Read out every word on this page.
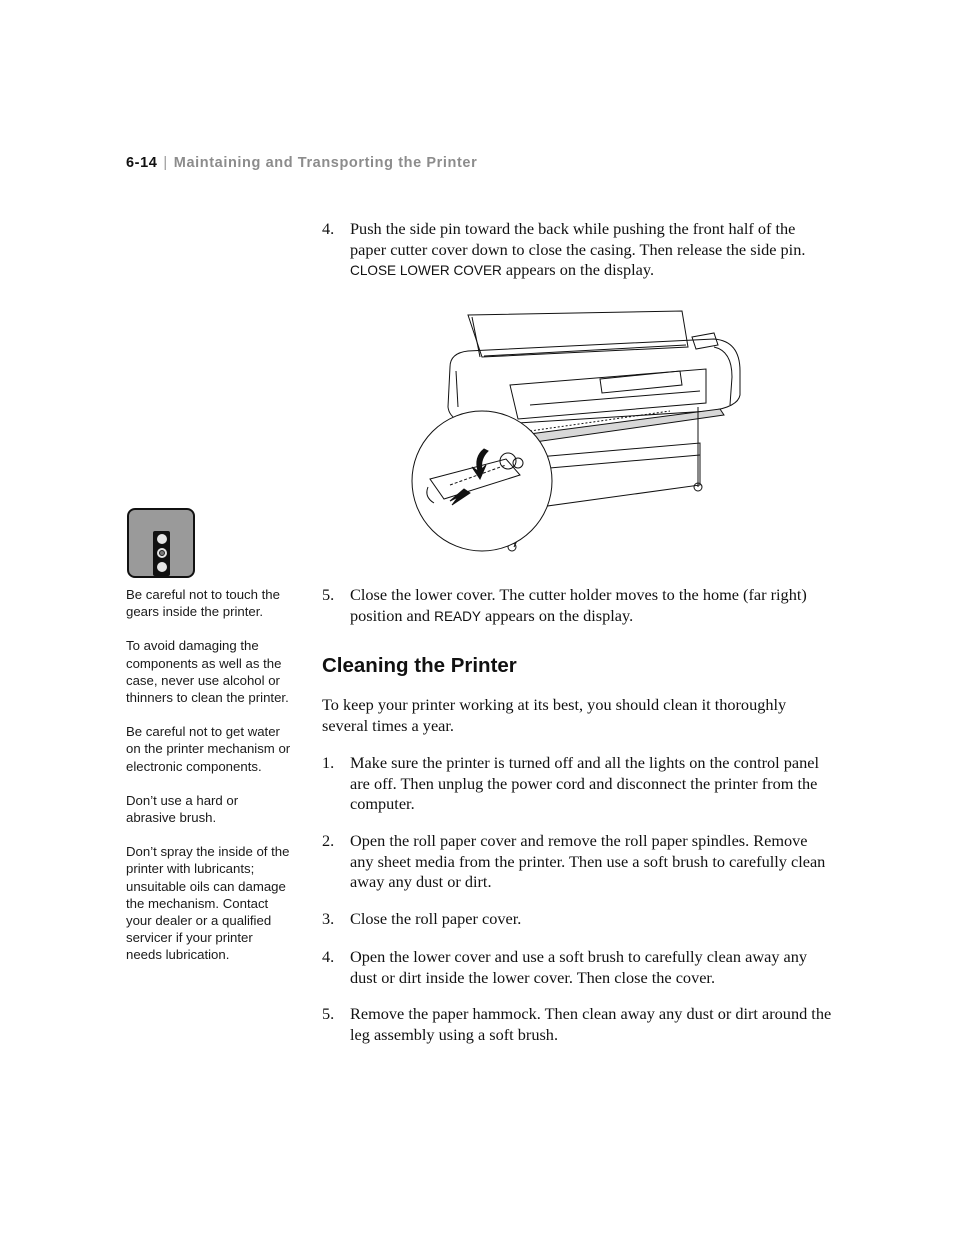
6-14 | Maintaining and Transporting the Printer
4. Push the side pin toward the back while pushing the front half of the paper cutter cover down to close the casing. Then release the side pin. CLOSE LOWER COVER appears on the display.
5. Close the lower cover. The cutter holder moves to the home (far right) position and READY appears on the display.
Cleaning the Printer
To keep your printer working at its best, you should clean it thoroughly several times a year.
1. Make sure the printer is turned off and all the lights on the control panel are off. Then unplug the power cord and disconnect the printer from the computer.
2. Open the roll paper cover and remove the roll paper spindles. Remove any sheet media from the printer. Then use a soft brush to carefully clean away any dust or dirt.
3. Close the roll paper cover.
4. Open the lower cover and use a soft brush to carefully clean away any dust or dirt inside the lower cover. Then close the cover.
5. Remove the paper hammock. Then clean away any dust or dirt around the leg assembly using a soft brush.

Be careful not to touch the gears inside the printer.

To avoid damaging the components as well as the case, never use alcohol or thinners to clean the printer.

Be careful not to get water on the printer mechanism or electronic components.

Don’t use a hard or abrasive brush.

Don’t spray the inside of the printer with lubricants; unsuitable oils can damage the mechanism. Contact your dealer or a qualified servicer if your printer needs lubrication.
